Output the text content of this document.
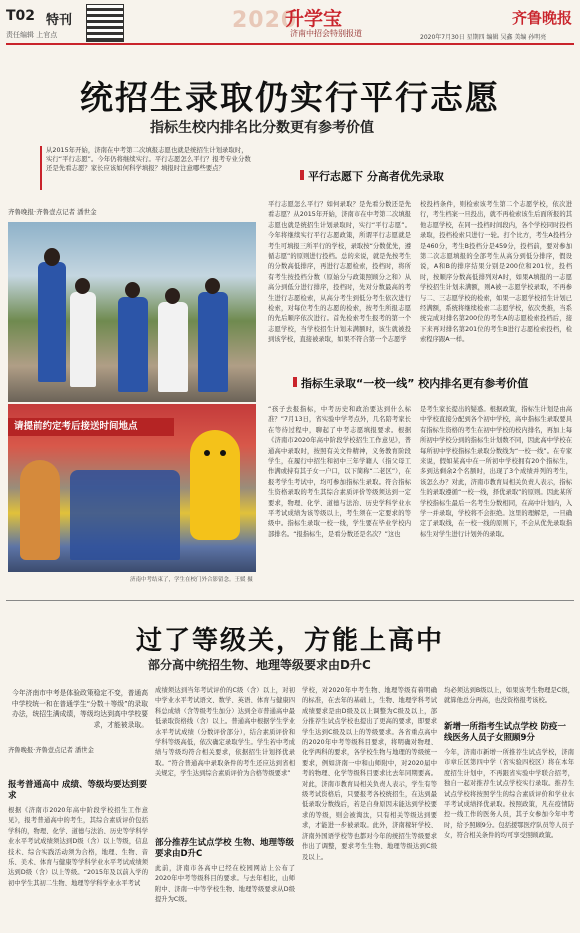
T02 特刊
责任编辑 上官点
2020
升学宝
济南中招会特别报道
齐鲁晚报
2020年7月30日 星期四 编辑 吴鑫 美编 孙明亮
统招生录取仍实行平行志愿
指标生校内排名比分数更有参考价值
从2015年开始，济南在中考第二次填报志愿也就是统招生计划录取时，实行“平行志愿”。今年仍将继续实行。平行志愿怎么平行？报考专业分数还是先看志愿？家长应该如何科学填报？填报时注意哪些要点？
齐鲁晚报·齐鲁壹点记者 潘世金
请提前约定考后接送时间地点
济南中考结束了，学生在校门外合影留念。王媛 摄
平行志愿下 分高者优先录取
平行志愿怎么平行？如何录取？是先看分数还是先看志愿？从2015年开始，济南市在中考第二次填报志愿也就是统招生计划录取时，实行“平行志愿”。今年将继续实行平行志愿政策，所谓平行志愿就是考生可填报三所平行的学校，录取按“分数优先，遵循志愿”的原则进行投档。总的来说，就是先按考生的分数高低排序，再进行志愿检索，投档时，将所有考生按投档分数（原始分与政策照顾分之和）从高分到低分进行排序，投档时，先对分数最高的考生进行志愿检索，从高分考生到低分考生依次进行检索，对每位考生的志愿的检索，按考生所报志愿的先后顺序依次进行。首先检索考生报考的第一个志愿学校，当学校招生计划未满额时，该生就被投到该学校，直接被录取，如果不符合第一个志愿学
校投档条件，则检索该考生第二个志愿学校，依次进行，考生档案一旦投出，就不再检索该生后面所报的其他志愿学校，在同一投档时间段内，各个学校同时投档录取，投档检索只进行一轮。打个比方，考生A投档分是460分，考生B投档分是459分，投档前，要对参加第二次志愿填报的全部考生从高分到低分排序，假设说，A和B的排序结果分别是200位和201位，投档时，按顺序分数高低排列对A时，如果A填报的一志愿学校招生计划未满额，则A被一志愿学校录取，不再参与二、三志愿学校的检索，如果一志愿学校招生计划已经满额，系统将继续检索二志愿学校，依次类推，当系统完成对排名第200位的考生A的志愿检索投档后，接下来再对排名第201位的考生B进行志愿检索投档，检索程序跟A一样。
指标生录取“一校一线” 校内排名更有参考价值
“孩子去报指标，中考历史和政治要达到什么标准？”7月13日，省实验中学考点外，几名陪考家长在等待过程中，聊起了中考志愿填报要求。根据《济南市2020年高中阶段学校招生工作意见》，普通高中录取时，按照有关文件精神，义务教育阶段学生，在履行中招生和初中三年学籍人（指父母工作满或持有其子女一户口，以下简称“二老区”），在报考学生考试中，均可参加指标生录取。符合指标生资格录取的考生其综合素质评价等级须达到一定要求，物理、化学、道德与法治、历史学科学业水平考试成绩为该等级以上，考生须在一定要求的等级中。指标生录取一校一线，学生要在毕业学校内部排名。“报指标生，是看分数还是名次？”这也
是考生家长提出的疑惑。根据政策，指标生计划是由高中学校直接分配到各个初中学校，高中指标生录取要具有指标生资格的考生在初中学校的校内排名，再加上每所初中学校分到的指标生计划数不同，因此高中学校在每所初中学校指标生录取分数线为“一校一线”。在专家来说，假如某高中在一所初中学校拥有20个指标生，多到达剩余2个名额时，出现了3个成绩并列的考生，该怎么办？对此，济南市教育局相关负责人表示，指标生的录取遵循“一校一线，择优录取”的原则。因此某所学校指标生最后一名考生分数相同，在高中计划内，入学一并录取，学校将不会拒绝。这里的理解是，一旦确定了录取线，在一校一线的原则下，不会从优先录取指标生对学生进行计划外的录取。
过了等级关，方能上高中
部分高中统招生物、地理等级要求由D升C
今年济南市中考是体验政策稳定不变，普通高中学校统一和在普通学生“分数＋等级”的录取办法，统招生满成绩，等级均达到高中学校要求，才能被录取。
齐鲁晚报·齐鲁壹点记者 潘世金
报考普通高中 成绩、等级均要达到要求
根据《济南市2020年高中阶段学校招生工作意见》，报考普通高中的考生，其综合素质评价包括学科的，物理、化学、道德与法治、历史等学科学业水平考试成绩须达到D级（含）以上等级，信息技术、综合实践活动须为合格，地理、生物、音乐、美术、体育与健康等学科学业水平考试成绩须达到D级（含）以上等级。“2015年及以前入学的初中学生其初二生物、地理等学科学业水平考试
成绩须达到当年考试评价的C级（含）以上，对初中学业水平考试语文、数学、英语、体育与健康四科总成绩（含等级考生加分）达到全市普通高中最低录取资格线（含）以上。普通高中根据学生学业水平考试成绩（分数评价部分），结合素质评价和学科等级高低，依次确定录取学生。学生若中考成绩与等级均符合相关要求，依据招生计划择优录取。“符合普通高中录取条件的考生还应达到省相关规定，学生达到综合素质评价为合格等级要求”
部分推荐生试点学校 生物、地理等级要求由D升C
此前，济南市各高中已经在校园网站上公布了2020年中考等级科目的要求。与去年相比，山师附中、济南一中等学校生物、地理等级要求从D级提升为C级。
学校，对2020年中考生物、地理等级有着明确的标准，在去年的基础上，生物、地理学科考试成绩要求是由D级及以上调整为C级及以上，部分推荐生试点学校也提出了更高的要求，即要求学生达到C级及以上的等级要求。各省重点高中的2020年中考等级科目要求，将明确对物理、化学两科的要求，各学校生物与地理的等级统一要求，例如济南一中和山师附中，对2020届中考的物理、化学等级科目要求比去年同期要高。对此，济南市教育局相关负责人表示，学生有等级考试资格后，只要报考各校统招生，在达到最低录取分数线后，若是自身原因未能达到学校要求的等级，则会被淘汰，只有相关等级达到要求，才能进一步被录取。此外，济南稼轩学校、济南外国语学校等也都对今年的统招生等级要求作出了调整，要求考生生物、地理等级达到C级及以上。
均必须达到B级以上，如果该考生物理是C级，就算他总分再高，也没资格报考该校。
新增一所指考生试点学校 防疫一线医务人员子女照顾9分
今年，济南市新增一所推荐生试点学校，济南市章丘区第四中学（省实验四校区）将在本年度招生计划中，不再跟省实验中学联合招考，独自一起对推荐生试点学校实行录取。推荐生试点学校将按照学生的综合素质评价和学业水平考试成绩择优录取。按照政策，凡在疫情防控一线工作的医务人员，其子女参加今年中考时，给予照顾9分。包括援鄂医疗队员等人员子女，符合相关条件的均可享受照顾政策。
